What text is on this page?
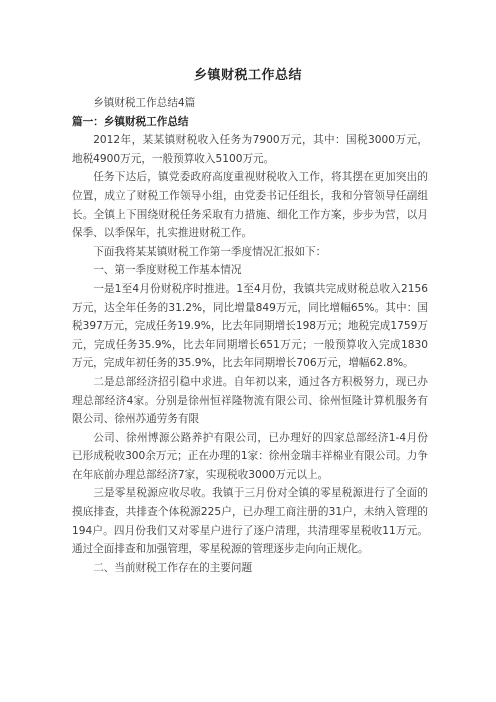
乡镇财税工作总结

乡镇财税工作总结4篇

篇一：乡镇财税工作总结

2012年，某某镇财税收入任务为7900万元，其中：国税3000万元，地税4900万元，一般预算收入5100万元。

任务下达后，镇党委政府高度重视财税收入工作，将其摆在更加突出的位置，成立了财税工作领导小组，由党委书记任组长，我和分管领导任副组长。全镇上下围绕财税任务采取有力措施、细化工作方案，步步为营，以月保季、以季保年，扎实推进财税工作。

下面我将某某镇财税工作第一季度情况汇报如下：

一、第一季度财税工作基本情况

一是1至4月份财税序时推进。1至4月份，我镇共完成财税总收入2156万元，达全年任务的31.2%，同比增量849万元，同比增幅65%。其中：国税397万元，完成任务19.9%，比去年同期增长198万元；地税完成1759万元，完成任务35.9%，比去年同期增长651万元；一般预算收入完成1830万元，完成年初任务的35.9%，比去年同期增长706万元，增幅62.8%。

二是总部经济招引稳中求进。自年初以来，通过各方积极努力，现已办理总部经济4家。分别是徐州恒祥隆物流有限公司、徐州恒隆计算机服务有限公司、徐州苏通劳务有限

公司、徐州博源公路养护有限公司，已办理好的四家总部经济1-4月份已形成税收300余万元；正在办理的1家：徐州金瑞丰祥棉业有限公司。力争在年底前办理总部经济7家，实现税收3000万元以上。

三是零星税源应收尽收。我镇于三月份对全镇的零星税源进行了全面的摸底排查，共排查个体税源225户，已办理工商注册的31户，未纳入管理的194户。四月份我们又对零星户进行了逐户清理，共清理零星税收11万元。通过全面排查和加强管理，零星税源的管理逐步走向向正规化。

二、当前财税工作存在的主要问题
